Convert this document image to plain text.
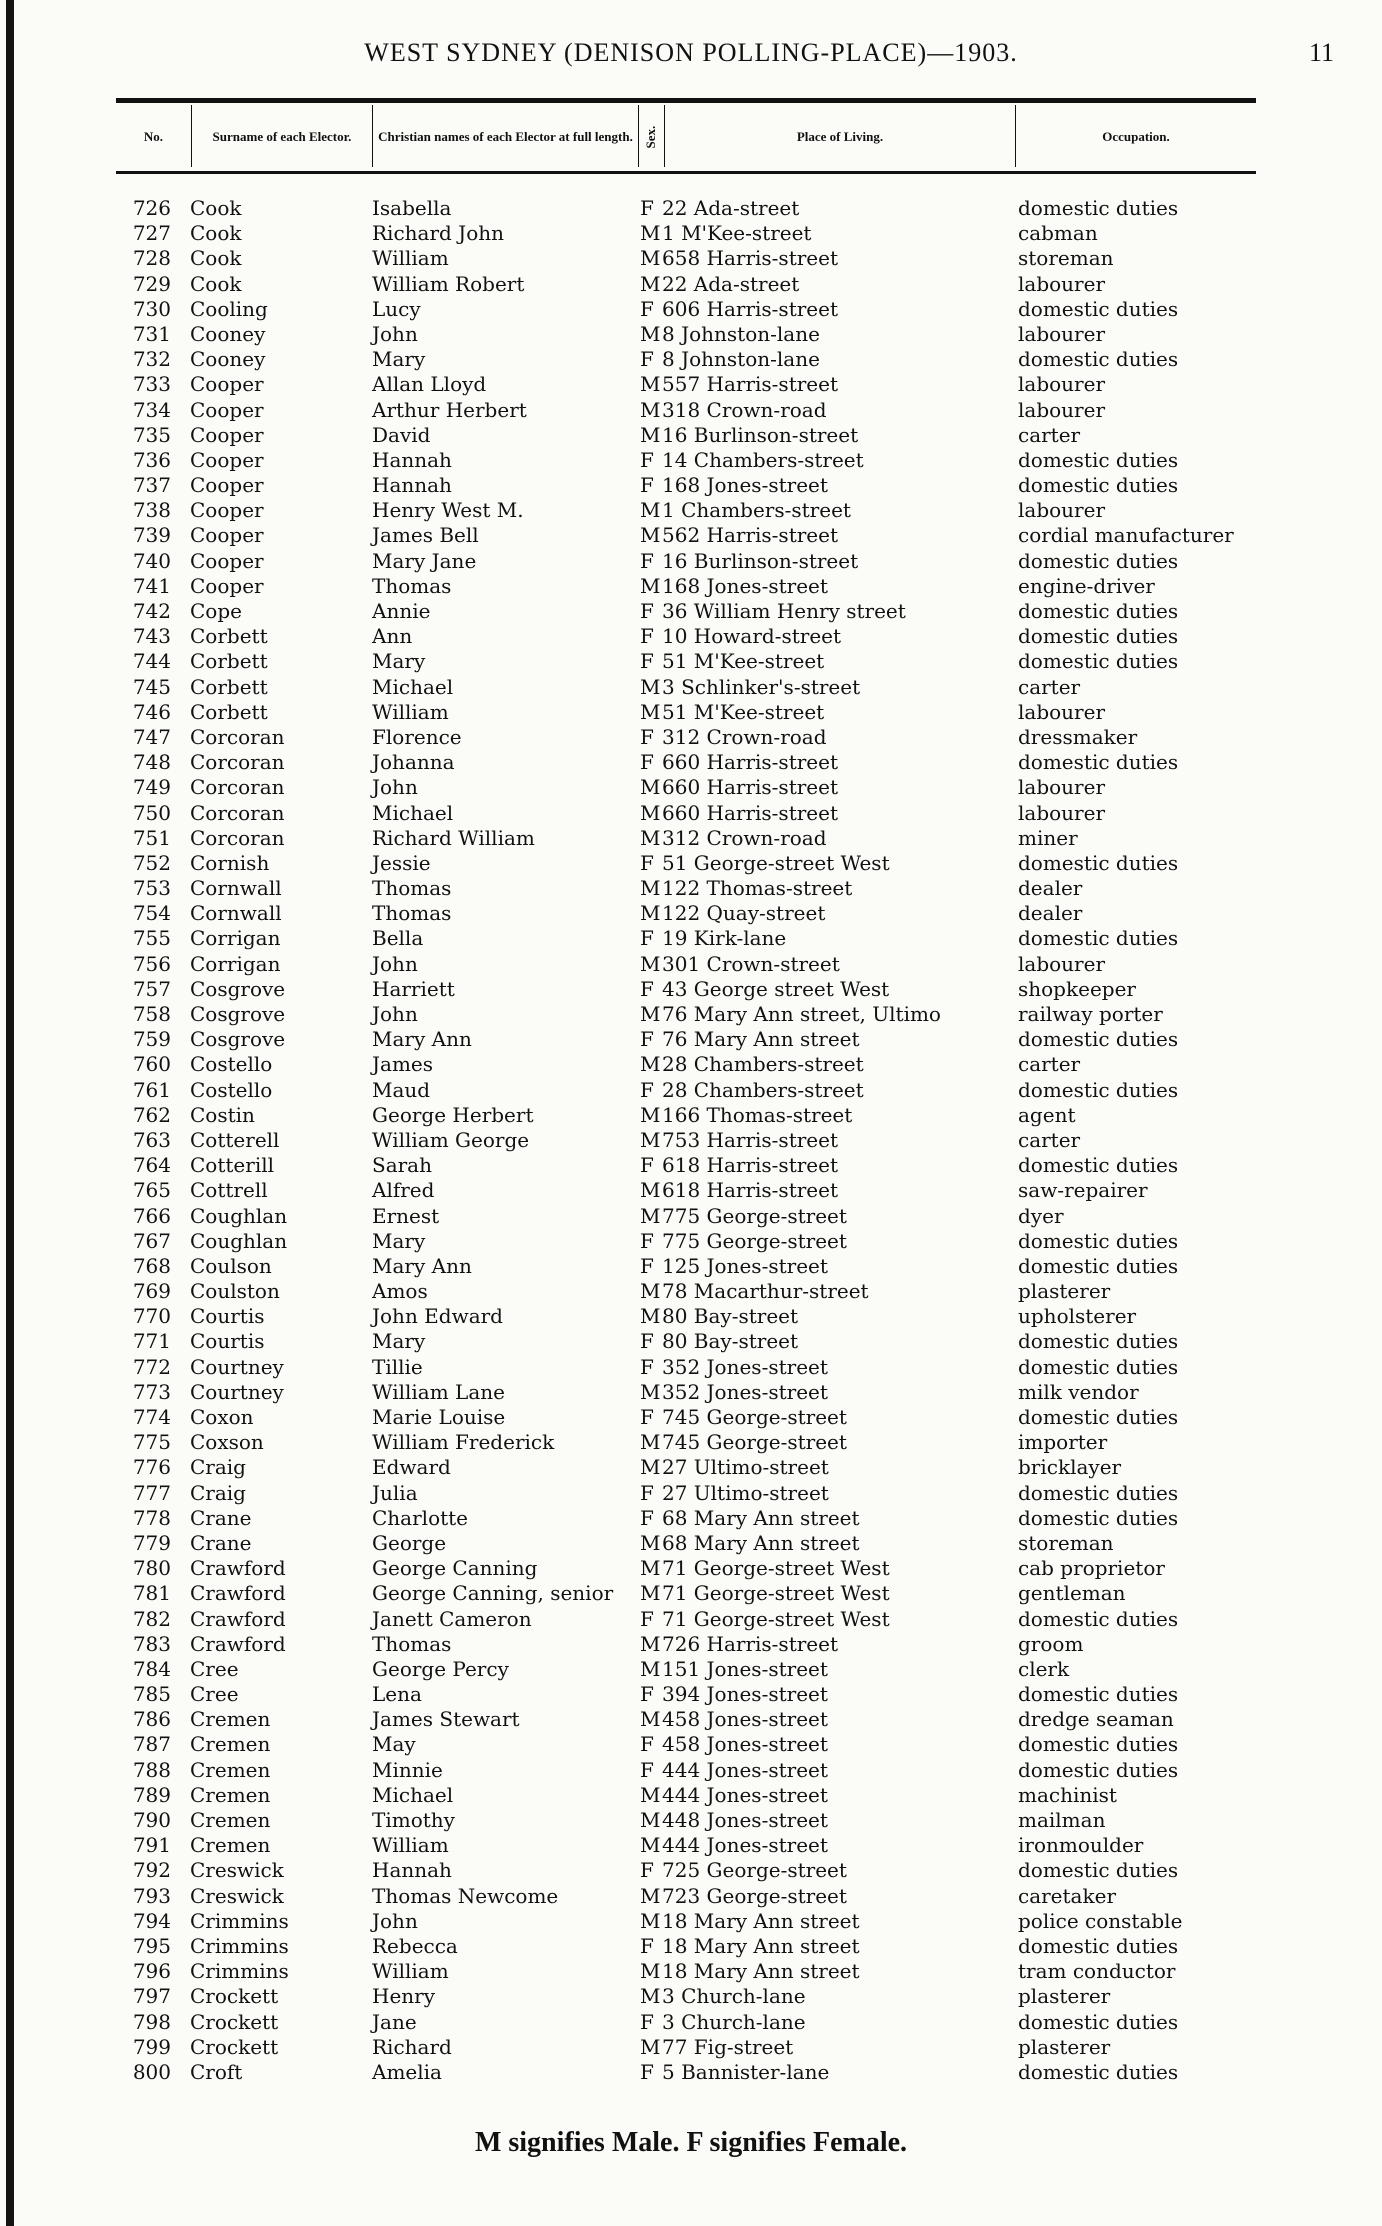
WEST SYDNEY (DENISON POLLING-PLACE)—1903.	11
No.	Surname of each Elector.	Christian names of each Elector at full length. Sex.	Place of Living.	Occupation.
726 Cook	Isabella	F 22 Ada-street	domestic duties
727 Cook	Richard John	M 1 M'Kee-street	cabman
728 Cook	William	M 658 Harris-street	storeman
729 Cook	William Robert	M 22 Ada-street	labourer
730 Cooling	Lucy	F 606 Harris-street	domestic duties
731 Cooney	John	M 8 Johnston-lane	labourer
732 Cooney	Mary	F 8 Johnston-lane	domestic duties
733 Cooper	Allan Lloyd	M 557 Harris-street	labourer
734 Cooper	Arthur Herbert	M 318 Crown-road	labourer
735 Cooper	David	M 16 Burlinson-street	carter
736 Cooper	Hannah	F 14 Chambers-street	domestic duties
737 Cooper	Hannah	F 168 Jones-street	domestic duties
738 Cooper	Henry West M.	M 1 Chambers-street	labourer
739 Cooper	James Bell	M 562 Harris-street	cordial manufacturer
740 Cooper	Mary Jane	F 16 Burlinson-street	domestic duties
741 Cooper	Thomas	M 168 Jones-street	engine-driver
742 Cope	Annie	F 36 William Henry street	domestic duties
743 Corbett	Ann	F 10 Howard-street	domestic duties
744 Corbett	Mary	F 51 M'Kee-street	domestic duties
745 Corbett	Michael	M 3 Schlinker's-street	carter
746 Corbett	William	M 51 M'Kee-street	labourer
747 Corcoran	Florence	F 312 Crown-road	dressmaker
748 Corcoran	Johanna	F 660 Harris-street	domestic duties
749 Corcoran	John	M 660 Harris-street	labourer
750 Corcoran	Michael	M 660 Harris-street	labourer
751 Corcoran	Richard William	M 312 Crown-road	miner
752 Cornish	Jessie	F 51 George-street West	domestic duties
753 Cornwall	Thomas	M 122 Thomas-street	dealer
754 Cornwall	Thomas	M 122 Quay-street	dealer
755 Corrigan	Bella	F 19 Kirk-lane	domestic duties
756 Corrigan	John	M 301 Crown-street	labourer
757 Cosgrove	Harriett	F 43 George street West	shopkeeper
758 Cosgrove	John	M 76 Mary Ann street, Ultimo	railway porter
759 Cosgrove	Mary Ann	F 76 Mary Ann street	domestic duties
760 Costello	James	M 28 Chambers-street	carter
761 Costello	Maud	F 28 Chambers-street	domestic duties
762 Costin	George Herbert	M 166 Thomas-street	agent
763 Cotterell	William George	M 753 Harris-street	carter
764 Cotterill	Sarah	F 618 Harris-street	domestic duties
765 Cottrell	Alfred	M 618 Harris-street	saw-repairer
766 Coughlan	Ernest	M 775 George-street	dyer
767 Coughlan	Mary	F 775 George-street	domestic duties
768 Coulson	Mary Ann	F 125 Jones-street	domestic duties
769 Coulston	Amos	M 78 Macarthur-street	plasterer
770 Courtis	John Edward	M 80 Bay-street	upholsterer
771 Courtis	Mary	F 80 Bay-street	domestic duties
772 Courtney	Tillie	F 352 Jones-street	domestic duties
773 Courtney	William Lane	M 352 Jones-street	milk vendor
774 Coxon	Marie Louise	F 745 George-street	domestic duties
775 Coxson	William Frederick	M 745 George-street	importer
776 Craig	Edward	M 27 Ultimo-street	bricklayer
777 Craig	Julia	F 27 Ultimo-street	domestic duties
778 Crane	Charlotte	F 68 Mary Ann street	domestic duties
779 Crane	George	M 68 Mary Ann street	storeman
780 Crawford	George Canning	M 71 George-street West	cab proprietor
781 Crawford	George Canning, senior M 71 George-street West	gentleman
782 Crawford	Janett Cameron	F 71 George-street West	domestic duties
783 Crawford	Thomas	M 726 Harris-street	groom
784 Cree	George Percy	M 151 Jones-street	clerk
785 Cree	Lena	F 394 Jones-street	domestic duties
786 Cremen	James Stewart	M 458 Jones-street	dredge seaman
787 Cremen	May	F 458 Jones-street	domestic duties
788 Cremen	Minnie	F 444 Jones-street	domestic duties
789 Cremen	Michael	M 444 Jones-street	machinist
790 Cremen	Timothy	M 448 Jones-street	mailman
791 Cremen	William	M 444 Jones-street	ironmoulder
792 Creswick	Hannah	F 725 George-street	domestic duties
793 Creswick	Thomas Newcome	M 723 George-street	caretaker
794 Crimmins	John	M 18 Mary Ann street	police constable
795 Crimmins	Rebecca	F 18 Mary Ann street	domestic duties
796 Crimmins	William	M 18 Mary Ann street	tram conductor
797 Crockett	Henry	M 3 Church-lane	plasterer
798 Crockett	Jane	F 3 Church-lane	domestic duties
799 Crockett	Richard	M 77 Fig-street	plasterer
800 Croft	Amelia	F 5 Bannister-lane	domestic duties
M signifies Male. F signifies Female.
